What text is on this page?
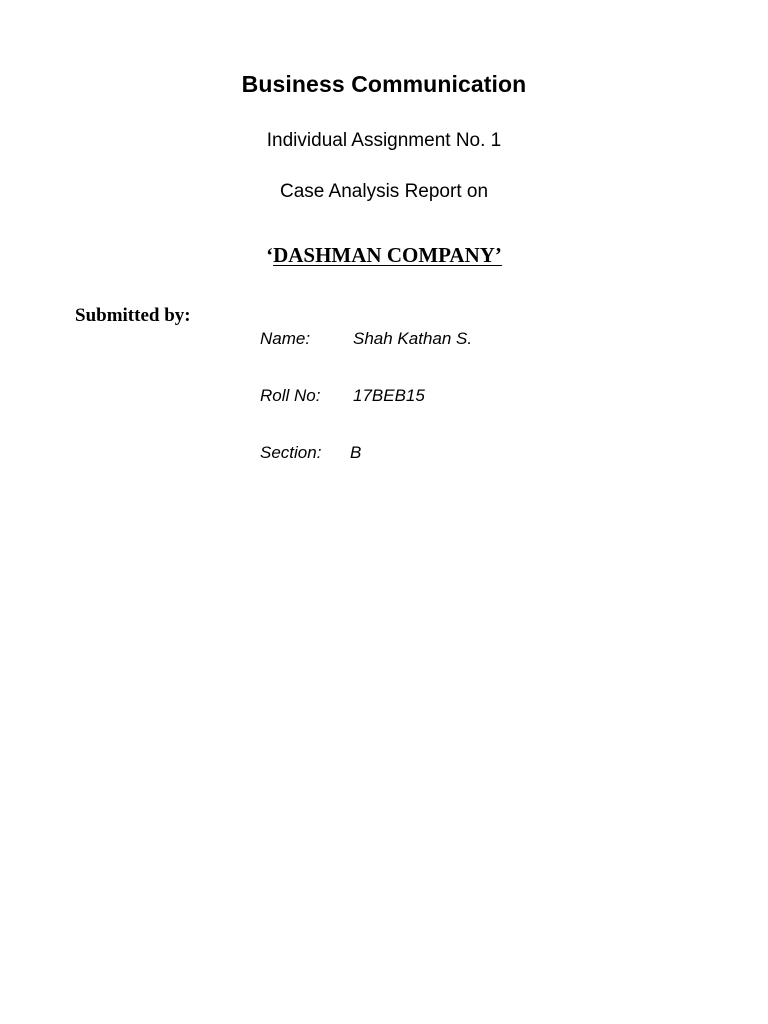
Business Communication
Individual Assignment No. 1
Case Analysis Report on
‘DASHMAN COMPANY’
Submitted by:
Name:	Shah Kathan S.
Roll No: 17BEB15
Section: B
